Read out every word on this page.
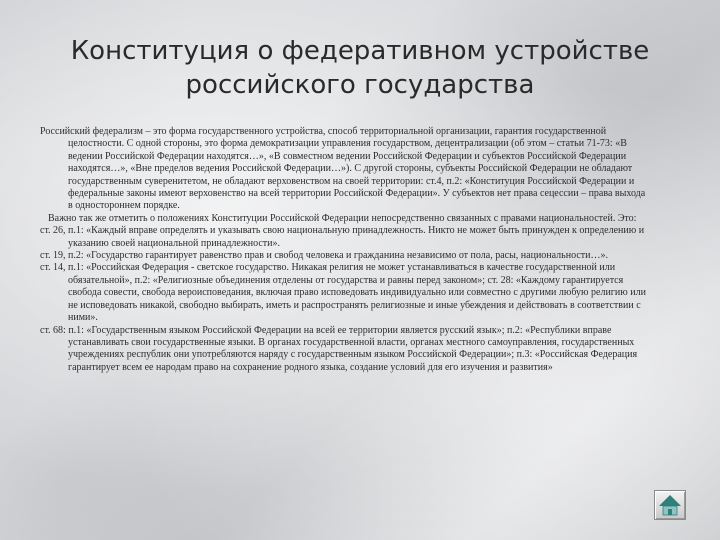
Конституция о федеративном устройстве
российского государства

Российский федерализм – это форма государственного устройства, способ территориальной организации, гарантия государственной целостности. С одной стороны, это форма демократизации управления государством, децентрализации (об этом – статьи 71-73: «В ведении Российской Федерации находятся…», «В совместном ведении Российской Федерации и субъектов Российской Федерации находятся…», «Вне пределов ведения Российской Федерации…»). С другой стороны, субъекты Российской Федерации не обладают государственным суверенитетом, не обладают верховенством на своей территории: ст.4, п.2: «Конституция Российской Федерации и федеральные законы имеют верховенство на всей территории Российской Федерации». У субъектов нет права сецессии – права выхода в одностороннем порядке.

Важно так же отметить о положениях Конституции Российской Федерации непосредственно связанных с правами национальностей. Это:

ст. 26, п.1: «Каждый вправе определять и указывать свою национальную принадлежность. Никто не может быть принужден к определению и указанию своей национальной принадлежности».

ст. 19, п.2: «Государство гарантирует равенство прав и свобод человека и гражданина независимо от пола, расы, национальности…».

ст. 14, п.1: «Российская Федерация - светское государство. Никакая религия не может устанавливаться в качестве государственной или обязательной», п.2: «Религиозные объединения отделены от государства и равны перед законом»; ст. 28: «Каждому гарантируется свобода совести, свобода вероисповедания, включая право исповедовать индивидуально или совместно с другими любую религию или не исповедовать никакой, свободно выбирать, иметь и распространять религиозные и иные убеждения и действовать в соответствии с ними».

ст. 68: п.1: «Государственным языком Российской Федерации на всей ее территории является русский язык»; п.2: «Республики вправе устанавливать свои государственные языки. В органах государственной власти, органах местного самоуправления, государственных учреждениях республик они употребляются наряду с государственным языком Российской Федерации»; п.3: «Российская Федерация гарантирует всем ее народам право на сохранение родного языка, создание условий для его изучения и развития»
